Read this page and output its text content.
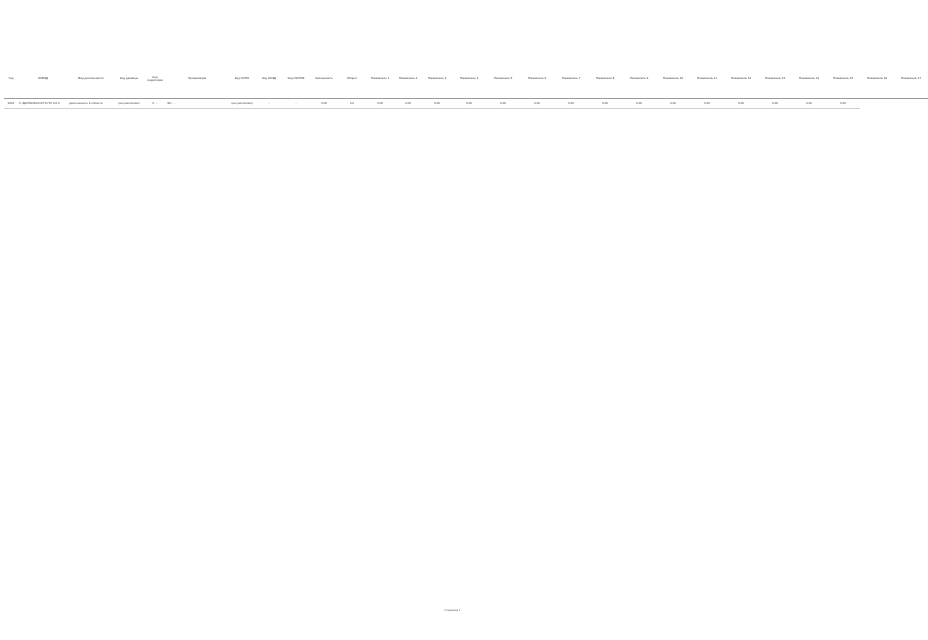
Год	ОКВЭД	Вид деятельности	Код единицы	Код территории	Организация	Код ОКПО	Код ОКЭД	Код ОКОПФ	Численность	Оборот	Показатель 1	Показатель 2	Показатель 3	Показатель 4	Показатель 5	Показатель 6	Показатель 7	Показатель 8	Показатель 9	Показатель 10	Показатель 11	Показатель 12	Показатель 13	Показатель 14	Показатель 15	Показатель 16	Показатель 17
2016	0. ДЕЯТЕЛЬНОСТЬ ПО 0.0.0	деятельность в области	(не различимо)	Ч. ...	ЭО ...	(не различимо)	...	...	0,00	0,0	0,00	0,00	0,00	0,00	0,00	0,00	0,00	0,00	0,00	0,00	0,00	0,00	0,00	0,00	0,00		
Страница 1
